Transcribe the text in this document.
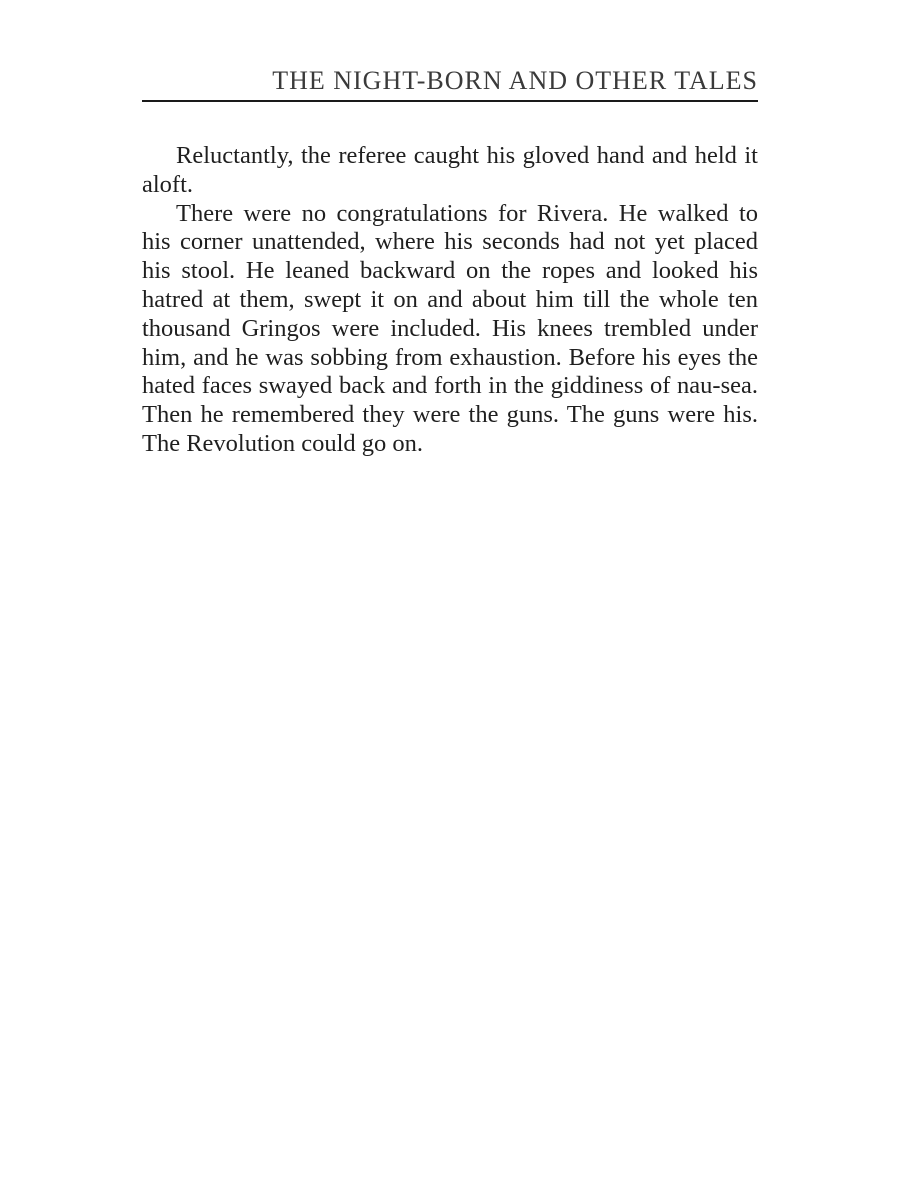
THE NIGHT-BORN AND OTHER TALES

Reluctantly, the referee caught his gloved hand and held it aloft.

There were no congratulations for Rivera. He walked to his corner unattended, where his seconds had not yet placed his stool. He leaned backward on the ropes and looked his hatred at them, swept it on and about him till the whole ten thousand Gringos were included. His knees trembled under him, and he was sobbing from exhaustion. Before his eyes the hated faces swayed back and forth in the giddiness of nau-sea. Then he remembered they were the guns. The guns were his. The Revolution could go on.
